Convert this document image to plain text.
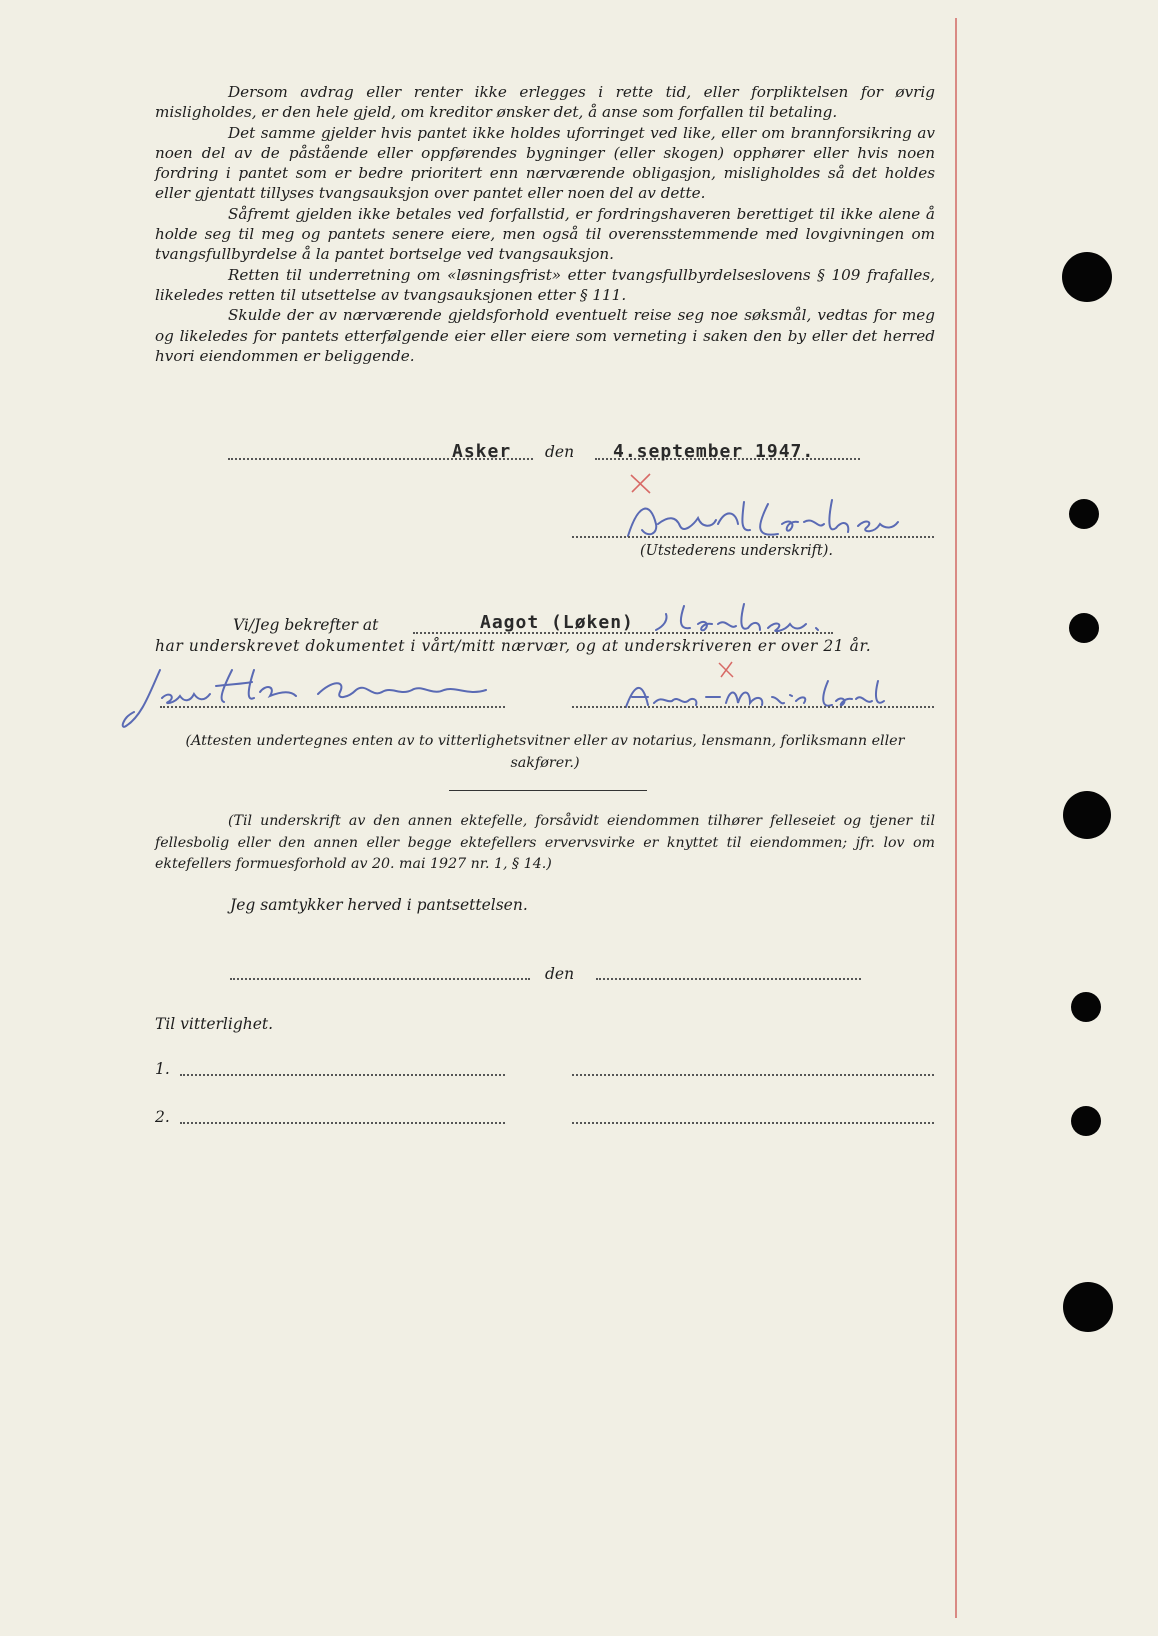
Dersom avdrag eller renter ikke erlegges i rette tid, eller forpliktelsen for øvrig misligholdes, er den hele gjeld, om kreditor ønsker det, å anse som forfallen til betaling.

Det samme gjelder hvis pantet ikke holdes uforringet ved like, eller om brannforsikring av noen del av de påstående eller oppførendes bygninger (eller skogen) opphører eller hvis noen fordring i pantet som er bedre prioritert enn nærværende obligasjon, misligholdes så det holdes eller gjentatt tillyses tvangsauksjon over pantet eller noen del av dette.

Såfremt gjelden ikke betales ved forfallstid, er fordringshaveren berettiget til ikke alene å holde seg til meg og pantets senere eiere, men også til overensstemmende med lovgivningen om tvangsfullbyrdelse å la pantet bortselge ved tvangsauksjon.

Retten til underretning om «løsningsfrist» etter tvangsfullbyrdelseslovens § 109 frafalles, likeledes retten til utsettelse av tvangsauksjonen etter § 111.

Skulde der av nærværende gjeldsforhold eventuelt reise seg noe søksmål, vedtas for meg og likeledes for pantets etterfølgende eier eller eiere som verneting i saken den by eller det herred hvori eiendommen er beliggende.

Asker den 4.september 1947.
(Utstederens underskrift).
Vi/Jeg bekrefter at	Aagot (Løken)
har underskrevet dokumentet i vårt/mitt nærvær, og at underskriveren er over 21 år.
(Attesten undertegnes enten av to vitterlighetsvitner eller av notarius, lensmann, forliksmann eller sakfører.)

(Til underskrift av den annen ektefelle, forsåvidt eiendommen tilhører felleseiet og tjener til fellesbolig eller den annen eller begge ektefellers ervervsvirke er knyttet til eiendommen; jfr. lov om ektefellers formuesforhold av 20. mai 1927 nr. 1, § 14.)

Jeg samtykker herved i pantsettelsen.
den
Til vitterlighet.
1.
2.
